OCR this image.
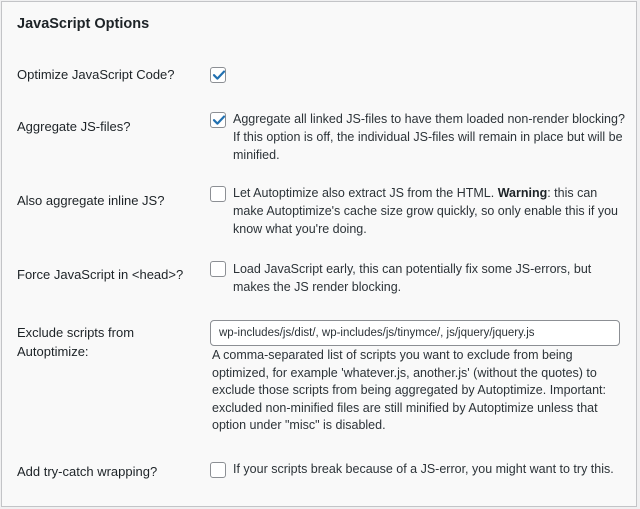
JavaScript Options
Optimize JavaScript Code?
Aggregate JS-files?	Aggregate all linked JS-files to have them loaded non-render blocking? If this option is off, the individual JS-files will remain in place but will be minified.
Also aggregate inline JS?	Let Autoptimize also extract JS from the HTML. Warning: this can make Autoptimize's cache size grow quickly, so only enable this if you know what you're doing.
Force JavaScript in <head>?	Load JavaScript early, this can potentially fix some JS-errors, but makes the JS render blocking.
Exclude scripts from Autoptimize:
wp-includes/js/dist/, wp-includes/js/tinymce/, js/jquery/jquery.js
A comma-separated list of scripts you want to exclude from being optimized, for example 'whatever.js, another.js' (without the quotes) to exclude those scripts from being aggregated by Autoptimize. Important: excluded non-minified files are still minified by Autoptimize unless that option under "misc" is disabled.
Add try-catch wrapping?	If your scripts break because of a JS-error, you might want to try this.
